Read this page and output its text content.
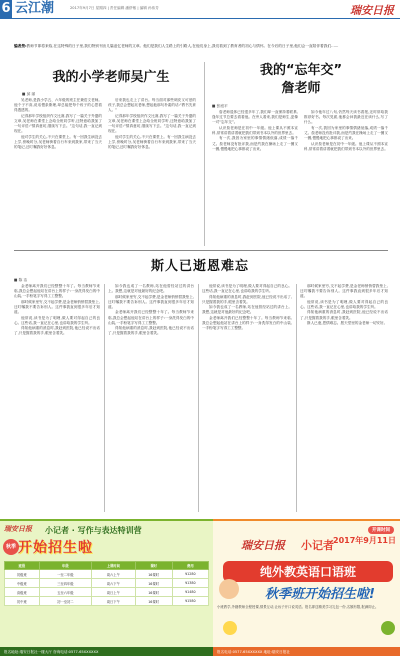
6 云江潮	2017年9月7日 星期四 | 责任编辑 潘舒敏 | 编辑 孙伟芳	瑞安日报
编者按:教师节即将来临,在这特殊的日子里,我们特别刊出几篇追忆老师的文章。他们是我们人生路上的引路人,在他们身上,我们看到了教育者的初心与情怀。在今后的日子里,他们会一直陪伴着我们……
我的小学老师吴广生
■ 邱 丽

吴老师,是我小学五、六年级的班主任兼语文老师。他个子不高,说话慢条斯理,却总能把每个孩子的心思看得透透的。

记得那年学校组织作文比赛,我写了一篇关于外婆的文章,吴老师在课堂上念给全班同学听,还特意给我加了一句评语:“情真意切,继续写下去。”这句话,我一直记到现在。

他对学生的关心,不只在课堂上。有一回我生病没去上学,傍晚时分,吴老师骑着自行车来到我家,带来了当天的笔记,还叮嘱我好好休息。

后来我也走上了讲台。每当面对那些调皮又可爱的孩子,我总会想起吴老师,想起他那句朴素的话:“教书先育人。”

记得那年学校组织作文比赛,我写了一篇关于外婆的文章,吴老师在课堂上念给全班同学听,还特意给我加了一句评语:“情真意切,继续写下去。”这句话,我一直记到现在。

他对学生的关心,不只在课堂上。有一回我生病没去上学,傍晚时分,吴老师骑着自行车来到我家,带来了当天的笔记,还叮嘱我好好休息。

我的“忘年交”
詹老师
■ 张庭平

詹老师退休已经很多年了,我们却一直保持着联系,逢年过节总要去看看他。在旁人看来,我们是师生,更像一对“忘年交”。

认识詹老师是在初中一年级。他上课从不照本宣科,常常讲着讲着就把我们带到书本以外的世界里去。

有一次,我因为家里的事情情绪低落,成绩一落千丈。詹老师没有批评我,而是约我在操场上走了一圈又一圈,慢慢地把心事都说了出来。

如今他年过八旬,仍然每天读书看报,还时常给我推荐好书。每次见面,他都会问我最近在读什么,写了什么。

有一次,我因为家里的事情情绪低落,成绩一落千丈。詹老师没有批评我,而是约我在操场上走了一圈又一圈,慢慢地把心事都说了出来。

认识詹老师是在初中一年级。他上课从不照本宣科,常常讲着讲着就把我们带到书本以外的世界里去。

斯人已逝恩难忘
■ 陈 洁

金老师离开我们已经整整十年了。每当教师节来临,我总会想起他站在讲台上的样子:一身洗得发白的中山装,一手粉笔字写得工工整整。

那时候家里穷,交不起学费,是金老师悄悄替我垫上,还叮嘱我不要告诉别人。这件事我直到很多年后才知道。

他常说,读书是为了明理,做人要对得起自己的良心。这些话,我一直记在心里,也讲给我的学生听。

得知他病重的消息时,我赶到医院,他已经说不出话了,只是握着我的手,眼里含着笑。

如今我也成了一名教师,站在他曾经站过的讲台上。我想,这就是对他最好的纪念吧。

那时候家里穷,交不起学费,是金老师悄悄替我垫上,还叮嘱我不要告诉别人。这件事我直到很多年后才知道。

金老师离开我们已经整整十年了。每当教师节来临,我总会想起他站在讲台上的样子:一身洗得发白的中山装,一手粉笔字写得工工整整。

得知他病重的消息时,我赶到医院,他已经说不出话了,只是握着我的手,眼里含着笑。

他常说,读书是为了明理,做人要对得起自己的良心。这些话,我一直记在心里,也讲给我的学生听。

得知他病重的消息时,我赶到医院,他已经说不出话了,只是握着我的手,眼里含着笑。

如今我也成了一名教师,站在他曾经站过的讲台上。我想,这就是对他最好的纪念吧。

金老师离开我们已经整整十年了。每当教师节来临,我总会想起他站在讲台上的样子:一身洗得发白的中山装,一手粉笔字写得工工整整。

那时候家里穷,交不起学费,是金老师悄悄替我垫上,还叮嘱我不要告诉别人。这件事我直到很多年后才知道。

他常说,读书是为了明理,做人要对得起自己的良心。这些话,我一直记在心里,也讲给我的学生听。

得知他病重的消息时,我赶到医院,他已经说不出话了,只是握着我的手,眼里含着笑。

斯人已逝,恩情难忘。愿天堂里的金老师一切安好。

瑞安日报 小记者 · 写作与表达特训营
秋季 开始招生啦
班级	年级	上课时间	课时	费用
初级班	一至二年级	周六上午	16课时	¥1280
中级班	三至四年级	周六下午	16课时	¥1380
高级班	五至六年级	周日上午	16课时	¥1480
初中班	初一至初二	周日下午	16课时	¥1580
报名地址:瑞安日报社一楼大厅 咨询电话:0577-65XXXXXX
开课时间
2017年9月11日
瑞安日报 小记者
纯外教英语口语班
秋季班开始招生啦!
小班教学,外籍教师全程授课,情景互动,让孩子开口说英语。报名即送精美学习礼包一份,名额有限,报满即止。
报名电话:0577-65XXXXXX 地址:瑞安日报社
